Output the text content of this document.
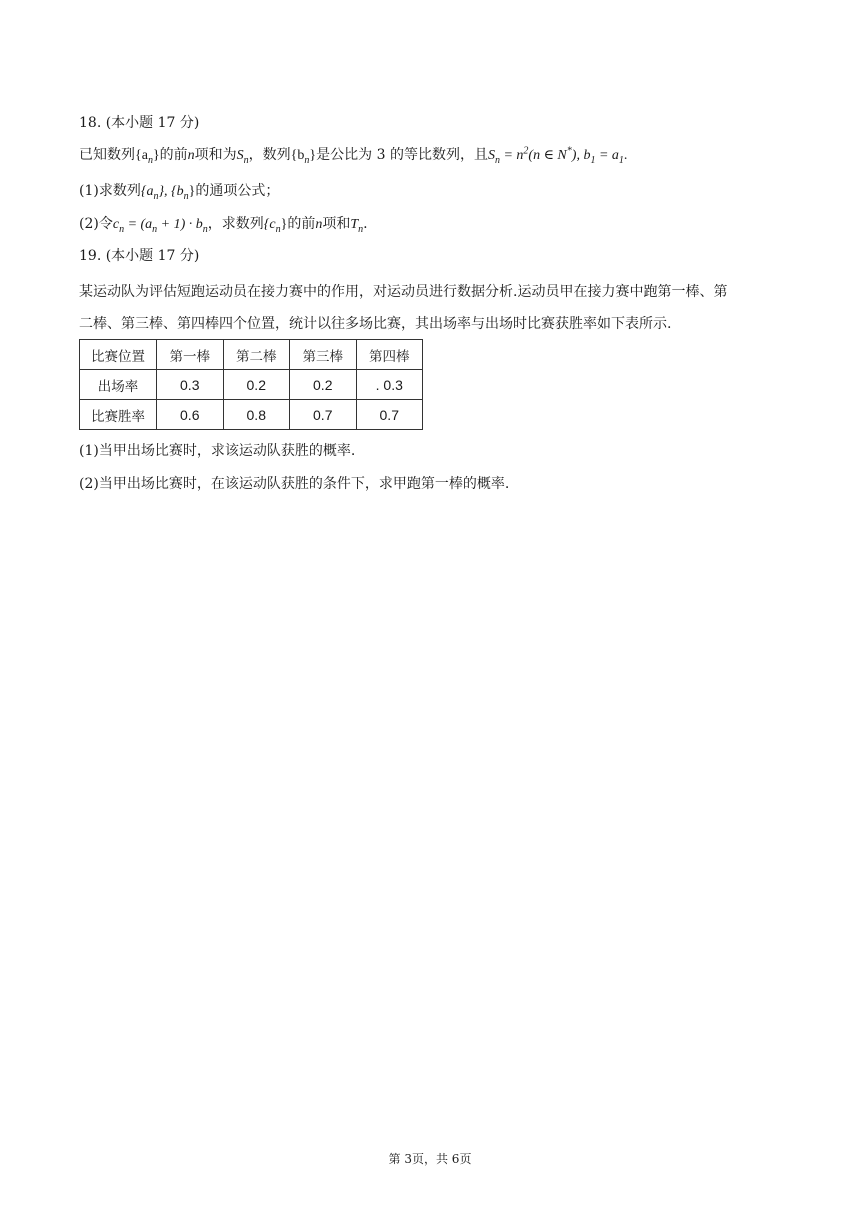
18. (本小题 17 分)
已知数列$\{a_n\}$的前n项和为$S_n$，数列$\{b_n\}$是公比为 3 的等比数列，且$S_n = n^2(n$ ∈ N*), $b_1 = a_1$.
(1)求数列$\{a_n\}$, $\{b_n\}$的通项公式；
(2)令$c_n = (a_n + 1) \cdot b_n$，求数列$\{c_n\}$的前n项和$T_n$.
19. (本小题 17 分)
某运动队为评估短跑运动员在接力赛中的作用，对运动员进行数据分析.运动员甲在接力赛中跑第一棒、第
二棒、第三棒、第四棒四个位置，统计以往多场比赛，其出场率与出场时比赛获胜率如下表所示.
比赛位置	第一棒	第二棒	第三棒	第四棒
出场率	0.3	0.2	0.2	. 0.3
比赛胜率	0.6	0.8	0.7	0.7
(1)当甲出场比赛时，求该运动队获胜的概率.
(2)当甲出场比赛时，在该运动队获胜的条件下，求甲跑第一棒的概率.
第 3页，共 6页
